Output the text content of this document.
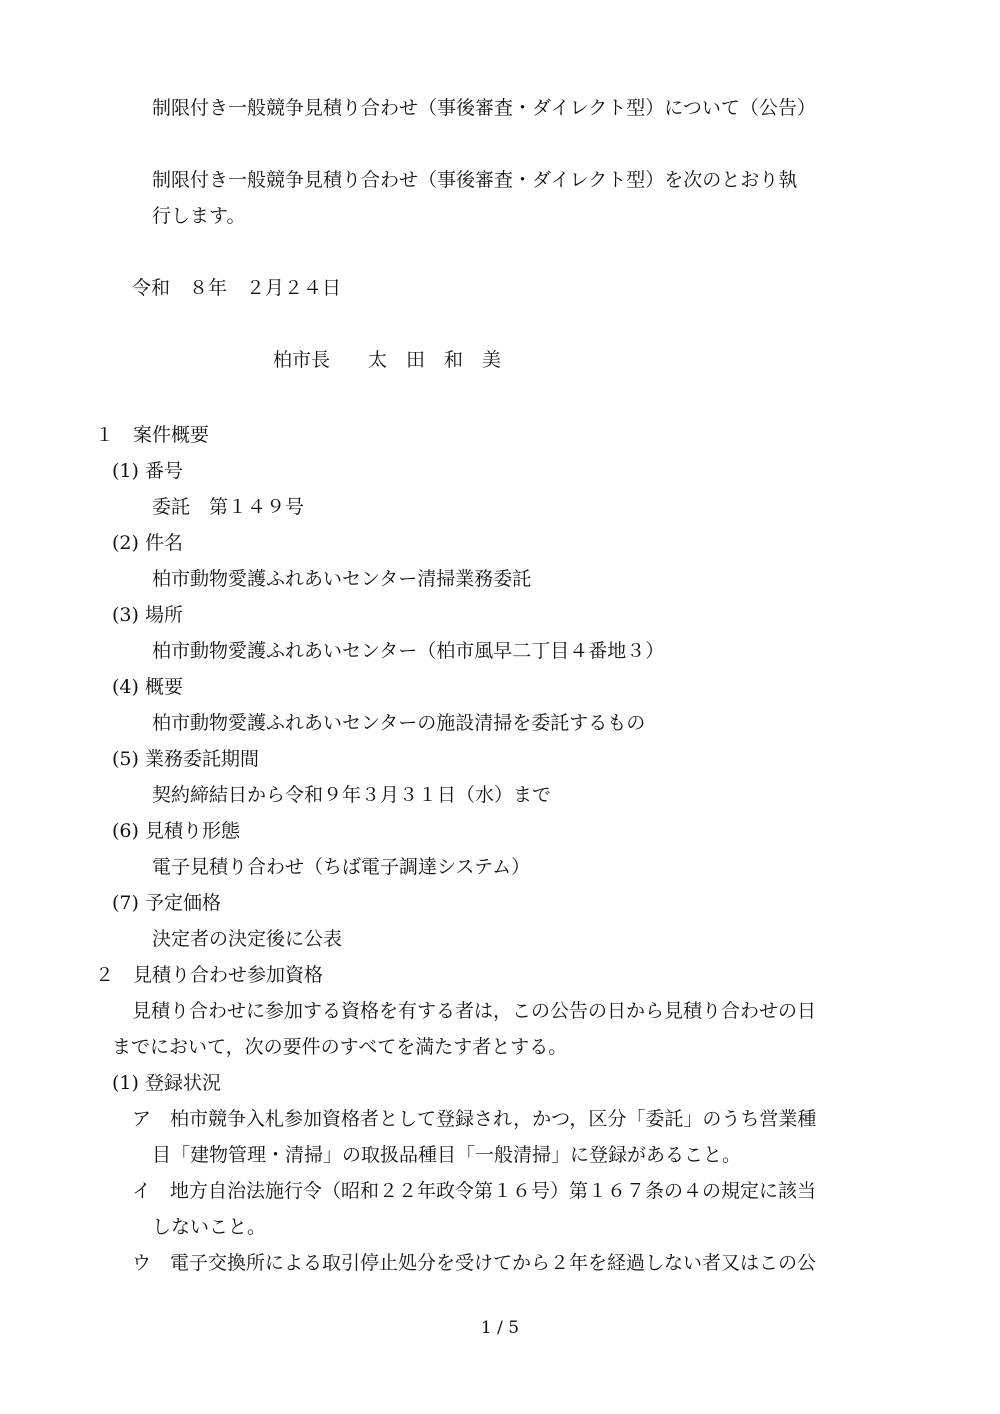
制限付き一般競争見積り合わせ（事後審査・ダイレクト型）について（公告）
制限付き一般競争見積り合わせ（事後審査・ダイレクト型）を次のとおり執
行します。
令和　８年　２月２４日
柏市長　　太　田　和　美
１　案件概要
(1) 番号
委託　第１４９号
(2) 件名
柏市動物愛護ふれあいセンター清掃業務委託
(3) 場所
柏市動物愛護ふれあいセンター（柏市風早二丁目４番地３）
(4) 概要
柏市動物愛護ふれあいセンターの施設清掃を委託するもの
(5) 業務委託期間
契約締結日から令和９年３月３１日（水）まで
(6) 見積り形態
電子見積り合わせ（ちば電子調達システム）
(7) 予定価格
決定者の決定後に公表
２　見積り合わせ参加資格
見積り合わせに参加する資格を有する者は，この公告の日から見積り合わせの日
までにおいて，次の要件のすべてを満たす者とする。
(1) 登録状況
ア　柏市競争入札参加資格者として登録され，かつ，区分「委託」のうち営業種
目「建物管理・清掃」の取扱品種目「一般清掃」に登録があること。
イ　地方自治法施行令（昭和２２年政令第１６号）第１６７条の４の規定に該当
しないこと。
ウ　電子交換所による取引停止処分を受けてから２年を経過しない者又はこの公
1 / 5
